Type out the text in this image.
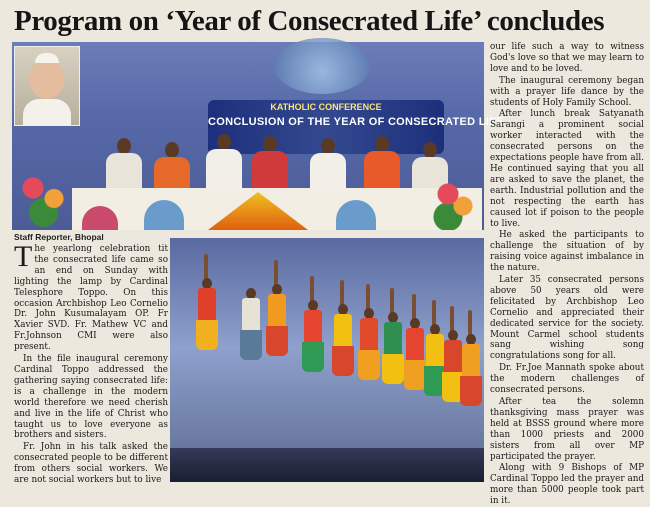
Program on ‘Year of Consecrated Life’ concludes
KATHOLIC CONFERENCE
CONCLUSION OF THE YEAR OF CONSECRATED LIFE
Staff Reporter, Bhopal

The yearlong celebration tit the consecrated life came so an end on Sunday with lighting the lamp by Cardinal Telesphore Toppo. On this occasion Archbishop Leo Cornelio Dr. John Kusumalayam OP. Fr Xavier SVD. Fr. Mathew VC and Fr.Johnson CMI were also present.

In the file inaugural ceremony Cardinal Toppo addressed the gathering saying consecrated life: is a challenge in the modern world therefore we need cherish and live in the life of Christ who taught us to love everyone as brothers and sisters.

Fr. John in his talk asked the consecrated people to be different from others social workers. We are not social workers but to live

our life such a way to witness God's love so that we may learn to love and to be loved.

The inaugural ceremony began with a prayer life dance by the students of Holy Family School.

After lunch break Satyanath Sarangi a prominent social worker interacted with the consecrated persons on the expectations people have from all. He continued saying that you all are asked to save the planet, the earth. Industrial pollution and the not respecting the earth has caused lot if poison to the people to live.

He asked the participants to challenge the situation of by raising voice against imbalance in the nature.

Later 35 consecrated persons above 50 years old were felicitated by Archbishop Leo Cornelio and appreciated their dedicated service for the society. Mount Carmel school students sang wishing song congratulations song for all.

Dr. Fr.Joe Mannath spoke about the modern challenges of consecrated persons.

After tea the solemn thanksgiving mass prayer was held at BSSS ground where more than 1000 priests and 2000 sisters from all over MP participated the prayer.

Along with 9 Bishops of MP Cardinal Toppo led the prayer and more than 5000 people took part in it.
